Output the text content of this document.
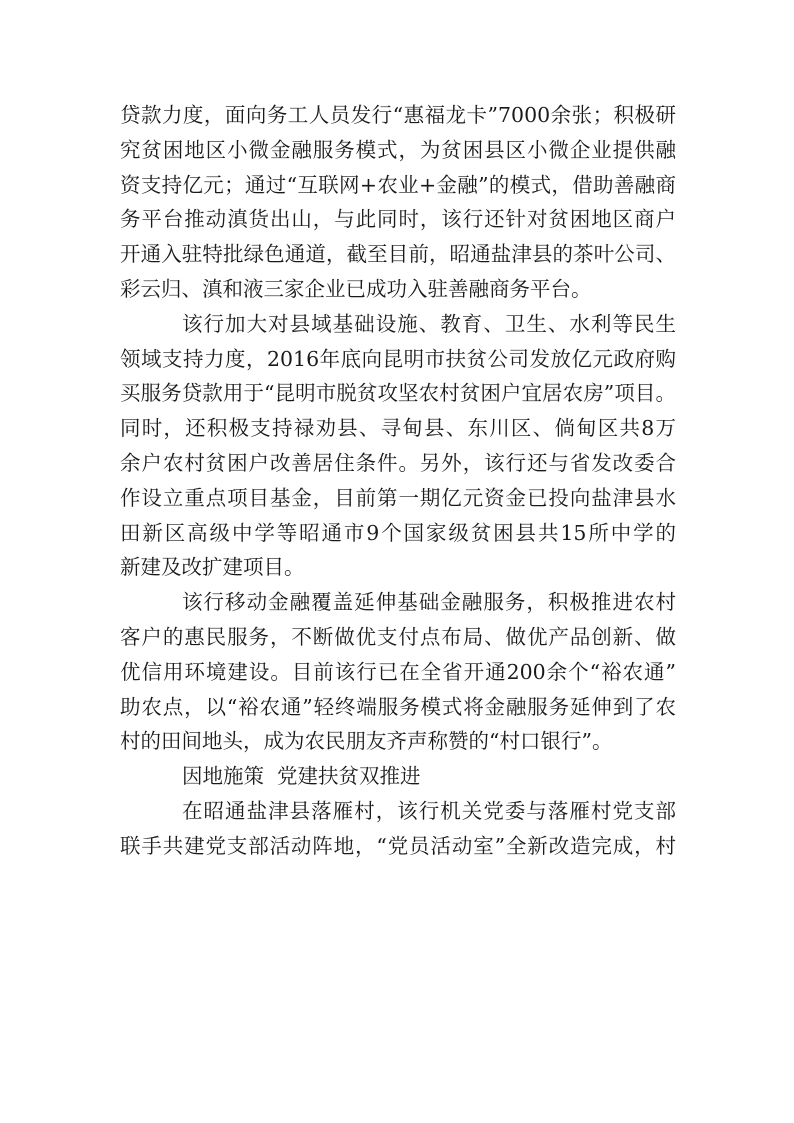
贷款力度，面向务工人员发行“惠福龙卡”7000余张；积极研
究贫困地区小微金融服务模式，为贫困县区小微企业提供融
资支持亿元；通过“互联网+农业+金融”的模式，借助善融商
务平台推动滇货出山，与此同时，该行还针对贫困地区商户
开通入驻特批绿色通道，截至目前，昭通盐津县的茶叶公司、
彩云归、滇和液三家企业已成功入驻善融商务平台。
该行加大对县域基础设施、教育、卫生、水利等民生
领域支持力度，2016年底向昆明市扶贫公司发放亿元政府购
买服务贷款用于“昆明市脱贫攻坚农村贫困户宜居农房”项目。
同时，还积极支持禄劝县、寻甸县、东川区、倘甸区共8万
余户农村贫困户改善居住条件。另外，该行还与省发改委合
作设立重点项目基金，目前第一期亿元资金已投向盐津县水
田新区高级中学等昭通市9个国家级贫困县共15所中学的
新建及改扩建项目。
该行移动金融覆盖延伸基础金融服务，积极推进农村
客户的惠民服务，不断做优支付点布局、做优产品创新、做
优信用环境建设。目前该行已在全省开通200余个“裕农通”
助农点，以“裕农通”轻终端服务模式将金融服务延伸到了农
村的田间地头，成为农民朋友齐声称赞的“村口银行”。
因地施策  党建扶贫双推进
在昭通盐津县落雁村，该行机关党委与落雁村党支部
联手共建党支部活动阵地，“党员活动室”全新改造完成，村
